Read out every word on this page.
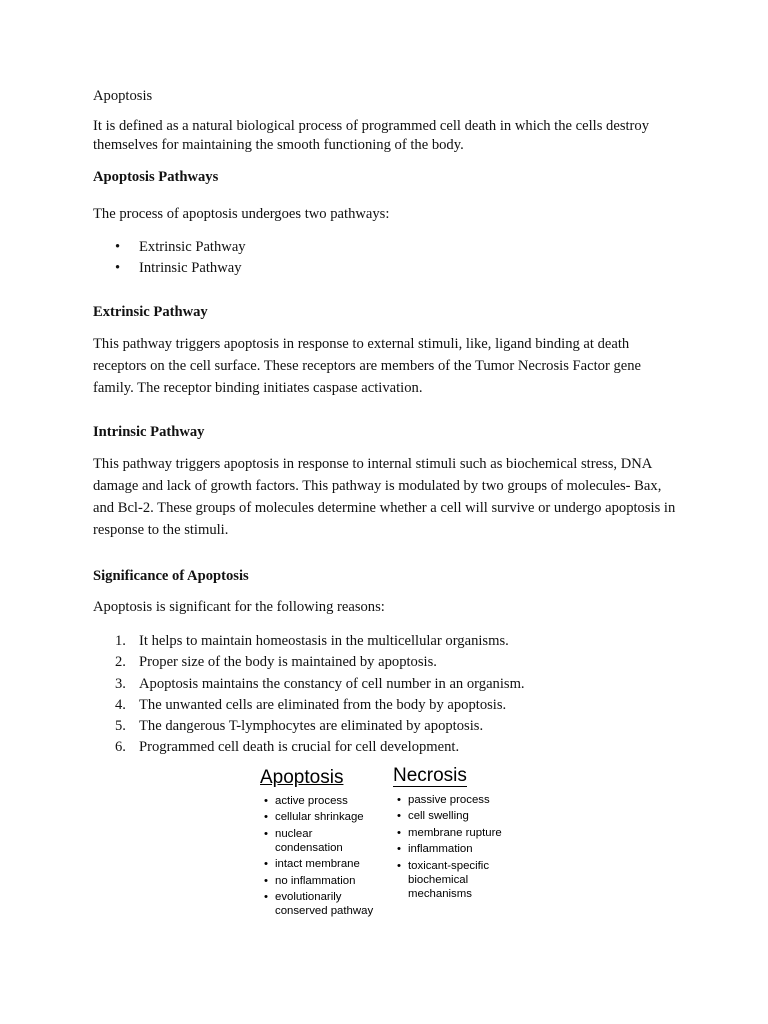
Apoptosis

It is defined as a natural biological process of programmed cell death in which the cells destroy themselves for maintaining the smooth functioning of the body.

Apoptosis Pathways

The process of apoptosis undergoes two pathways:

• Extrinsic Pathway
• Intrinsic Pathway

Extrinsic Pathway

This pathway triggers apoptosis in response to external stimuli, like, ligand binding at death receptors on the cell surface. These receptors are members of the Tumor Necrosis Factor gene family. The receptor binding initiates caspase activation.

Intrinsic Pathway

This pathway triggers apoptosis in response to internal stimuli such as biochemical stress, DNA damage and lack of growth factors. This pathway is modulated by two groups of molecules- Bax, and Bcl-2. These groups of molecules determine whether a cell will survive or undergo apoptosis in response to the stimuli.

Significance of Apoptosis

Apoptosis is significant for the following reasons:

1. It helps to maintain homeostasis in the multicellular organisms.
2. Proper size of the body is maintained by apoptosis.
3. Apoptosis maintains the constancy of cell number in an organism.
4. The unwanted cells are eliminated from the body by apoptosis.
5. The dangerous T-lymphocytes are eliminated by apoptosis.
6. Programmed cell death is crucial for cell development.

Apoptosis

• active process
• cellular shrinkage
• nuclear condensation
• intact membrane
• no inflammation
• evolutionarily conserved pathway

Necrosis

• passive process
• cell swelling
• membrane rupture
• inflammation
• toxicant-specific biochemical mechanisms
